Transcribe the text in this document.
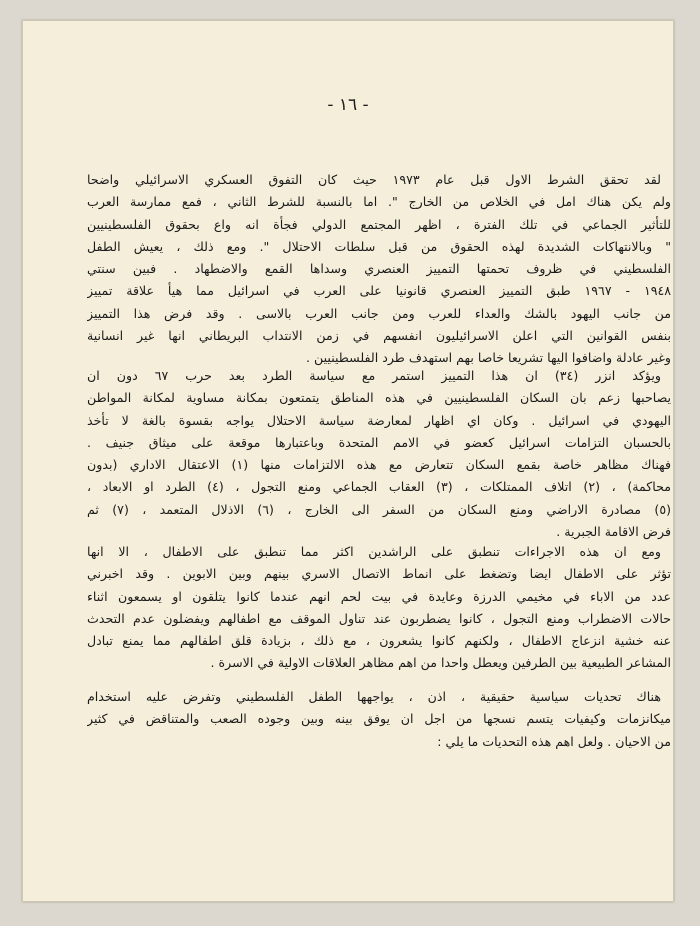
- ١٦ -
لقد تحقق الشرط الاول قبل عام ١٩٧٣ حيث كان التفوق العسكري الاسرائيلي واضحا
ولم يكن هناك امل في الخلاص من الخارج ". اما بالنسبة للشرط الثاني ، فمع ممارسة العرب
للتأثير الجماعي في تلك الفترة ، اظهر المجتمع الدولي فجأة انه واع بحقوق الفلسطينيين
" وبالانتهاكات الشديدة لهذه الحقوق من قبل سلطات الاحتلال ". ومع ذلك ، يعيش الطفل
الفلسطيني في ظروف تحمتها التمييز العنصري وسداها القمع والاضطهاد . فبين سنتي
١٩٤٨ - ١٩٦٧ طبق التمييز العنصري قانونيا على العرب في اسرائيل مما هيأ علاقة تمييز
من جانب اليهود بالشك والعداء للعرب ومن جانب العرب بالاسى . وقد فرض هذا التمييز
بنفس القوانين التي اعلن الاسرائيليون انفسهم في زمن الانتداب البريطاني انها غير انسانية
وغير عادلة واضافوا اليها تشريعا خاصا بهم استهدف طرد الفلسطينيين .
ويؤكد انزر (٣٤) ان هذا التمييز استمر مع سياسة الطرد بعد حرب ٦٧ دون ان
يصاحبها زعم بان السكان الفلسطينيين في هذه المناطق يتمتعون بمكانة مساوية لمكانة المواطن
اليهودي في اسرائيل . وكان اي اظهار لمعارضة سياسة الاحتلال يواجه بقسوة بالغة لا تأخذ
بالحسبان التزامات اسرائيل كعضو في الامم المتحدة وباعتبارها موقعة على ميثاق جنيف .
فهناك مظاهر خاصة بقمع السكان تتعارض مع هذه الالتزامات منها (١) الاعتقال الاداري (بدون
محاكمة) ، (٢) اتلاف الممتلكات ، (٣) العقاب الجماعي ومنع التجول ، (٤) الطرد او الابعاد ،
(٥) مصادرة الاراضي ومنع السكان من السفر الى الخارج ، (٦) الاذلال المتعمد ، (٧) ثم
فرض الاقامة الجبرية .
ومع ان هذه الاجراءات تنطبق على الراشدين اكثر مما تنطبق على الاطفال ، الا انها
تؤثر على الاطفال ايضا وتضغط على انماط الاتصال الاسري بينهم وبين الابوين . وقد اخبرني
عدد من الاباء في مخيمي الدرزة وعايدة في بيت لحم انهم عندما كانوا يتلقون او يسمعون اثناء
حالات الاضطراب ومنع التجول ، كانوا يضطربون عند تناول الموقف مع اطفالهم ويفضلون عدم التحدث
عنه خشية انزعاج الاطفال ، ولكنهم كانوا يشعرون ، مع ذلك ، بزيادة قلق اطفالهم مما يمنع تبادل
المشاعر الطبيعية بين الطرفين ويعطل واحدا من اهم مظاهر العلاقات الاولية في الاسرة .
هناك تحديات سياسية حقيقية ، اذن ، يواجهها الطفل الفلسطيني وتفرض عليه استخدام
ميكانزمات وكيفيات يتسم نسجها من اجل ان يوفق بينه وبين وجوده الصعب والمتناقض في كثير
من الاحيان . ولعل اهم هذه التحديات ما يلي :
